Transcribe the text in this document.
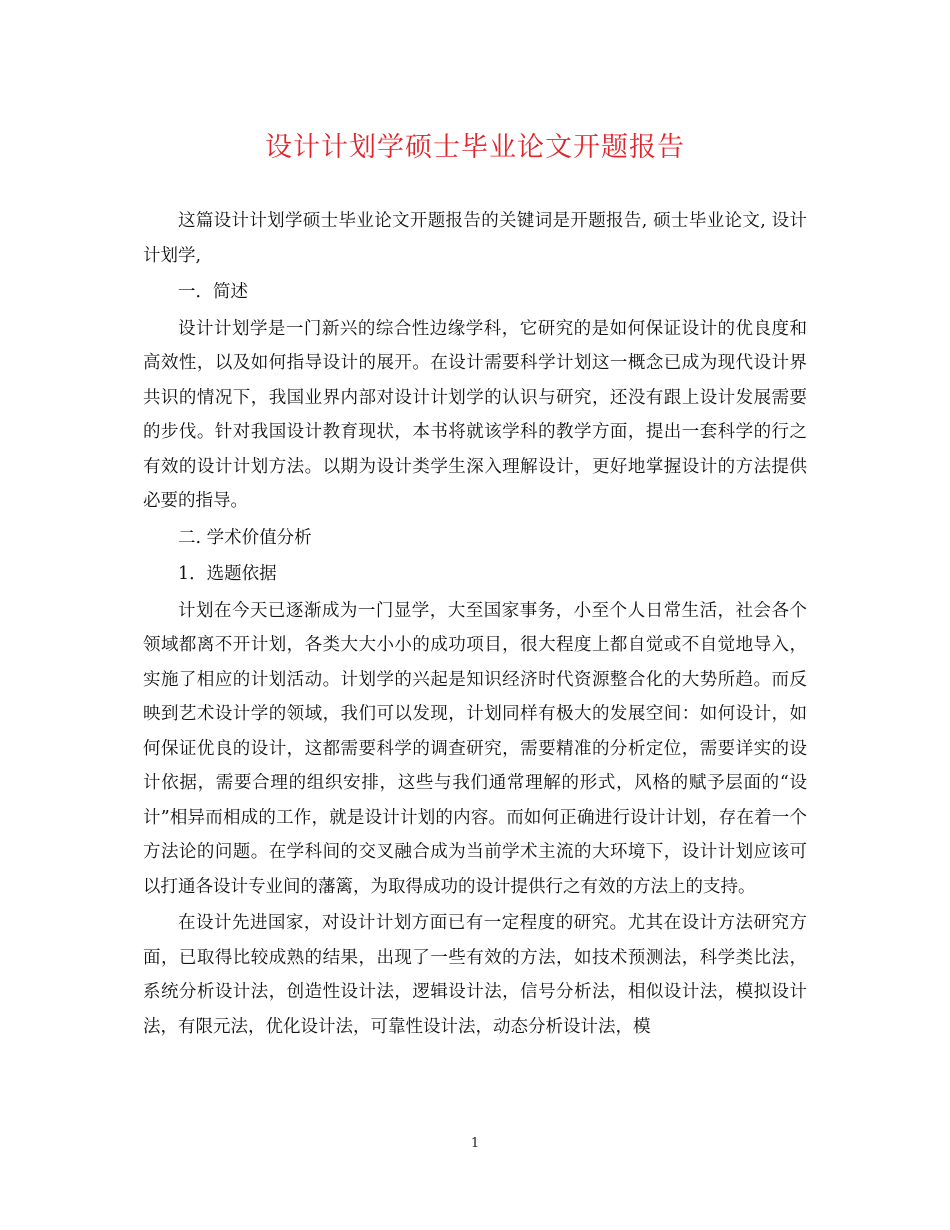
设计计划学硕士毕业论文开题报告

这篇设计计划学硕士毕业论文开题报告的关键词是开题报告, 硕士毕业论文, 设计计划学,

一．简述

设计计划学是一门新兴的综合性边缘学科，它研究的是如何保证设计的优良度和高效性，以及如何指导设计的展开。在设计需要科学计划这一概念已成为现代设计界共识的情况下，我国业界内部对设计计划学的认识与研究，还没有跟上设计发展需要的步伐。针对我国设计教育现状，本书将就该学科的教学方面，提出一套科学的行之有效的设计计划方法。以期为设计类学生深入理解设计，更好地掌握设计的方法提供必要的指导。

二. 学术价值分析

1．选题依据

计划在今天已逐渐成为一门显学，大至国家事务，小至个人日常生活，社会各个领域都离不开计划，各类大大小小的成功项目，很大程度上都自觉或不自觉地导入，实施了相应的计划活动。计划学的兴起是知识经济时代资源整合化的大势所趋。而反映到艺术设计学的领域，我们可以发现，计划同样有极大的发展空间：如何设计，如何保证优良的设计，这都需要科学的调查研究，需要精准的分析定位，需要详实的设计依据，需要合理的组织安排，这些与我们通常理解的形式，风格的赋予层面的“设计”相异而相成的工作，就是设计计划的内容。而如何正确进行设计计划，存在着一个方法论的问题。在学科间的交叉融合成为当前学术主流的大环境下，设计计划应该可以打通各设计专业间的藩篱，为取得成功的设计提供行之有效的方法上的支持。

在设计先进国家，对设计计划方面已有一定程度的研究。尤其在设计方法研究方面，已取得比较成熟的结果，出现了一些有效的方法，如技术预测法，科学类比法，系统分析设计法，创造性设计法，逻辑设计法，信号分析法，相似设计法，模拟设计法，有限元法，优化设计法，可靠性设计法，动态分析设计法，模

1
